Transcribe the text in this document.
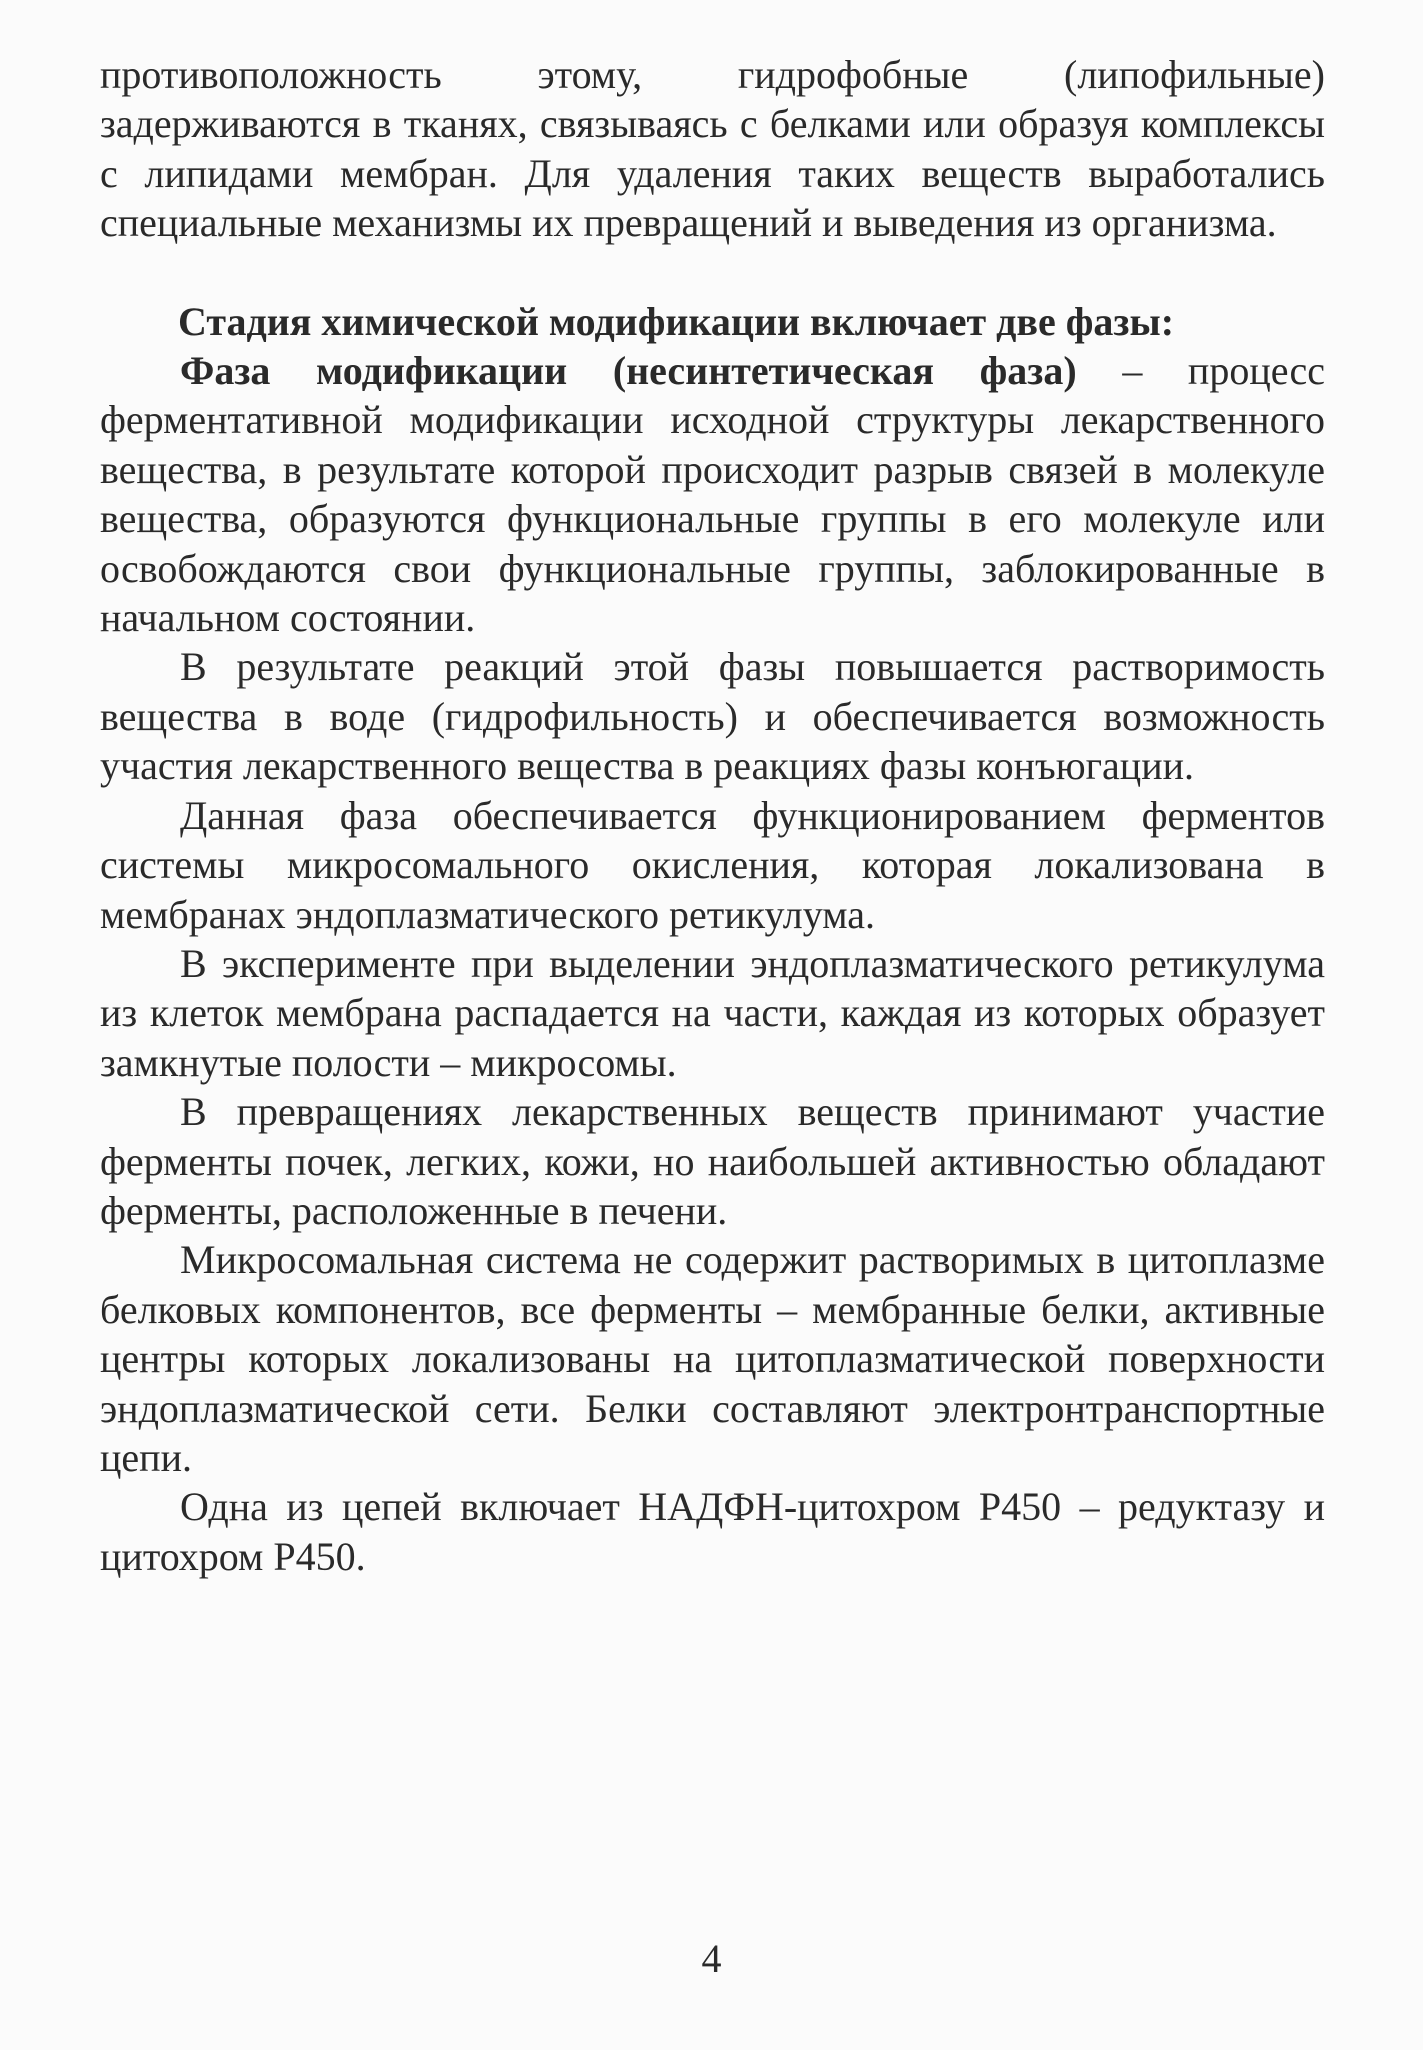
противоположность этому, гидрофобные (липофильные) задерживаются в тканях, связываясь с белками или образуя комплексы с липидами мембран. Для удаления таких веществ выработались специальные механизмы их превращений и выведения из организма.

Стадия химической модификации включает две фазы:

Фаза модификации (несинтетическая фаза) – процесс ферментативной модификации исходной структуры лекарственного вещества, в результате которой происходит разрыв связей в молекуле вещества, образуются функциональные группы в его молекуле или освобождаются свои функциональные группы, заблокированные в начальном состоянии.

В результате реакций этой фазы повышается растворимость вещества в воде (гидрофильность) и обеспечивается возможность участия лекарственного вещества в реакциях фазы конъюгации.

Данная фаза обеспечивается функционированием ферментов системы микросомального окисления, которая локализована в мембранах эндоплазматического ретикулума.

В эксперименте при выделении эндоплазматического ретикулума из клеток мембрана распадается на части, каждая из которых образует замкнутые полости – микросомы.

В превращениях лекарственных веществ принимают участие ферменты почек, легких, кожи, но наибольшей активностью обладают ферменты, расположенные в печени.

Микросомальная система не содержит растворимых в цитоплазме белковых компонентов, все ферменты – мембранные белки, активные центры которых локализованы на цитоплазматической поверхности эндоплазматической сети. Белки составляют электронтранспортные цепи.

Одна из цепей включает НАДФН-цитохром Р450 – редуктазу и цитохром Р450.

4
